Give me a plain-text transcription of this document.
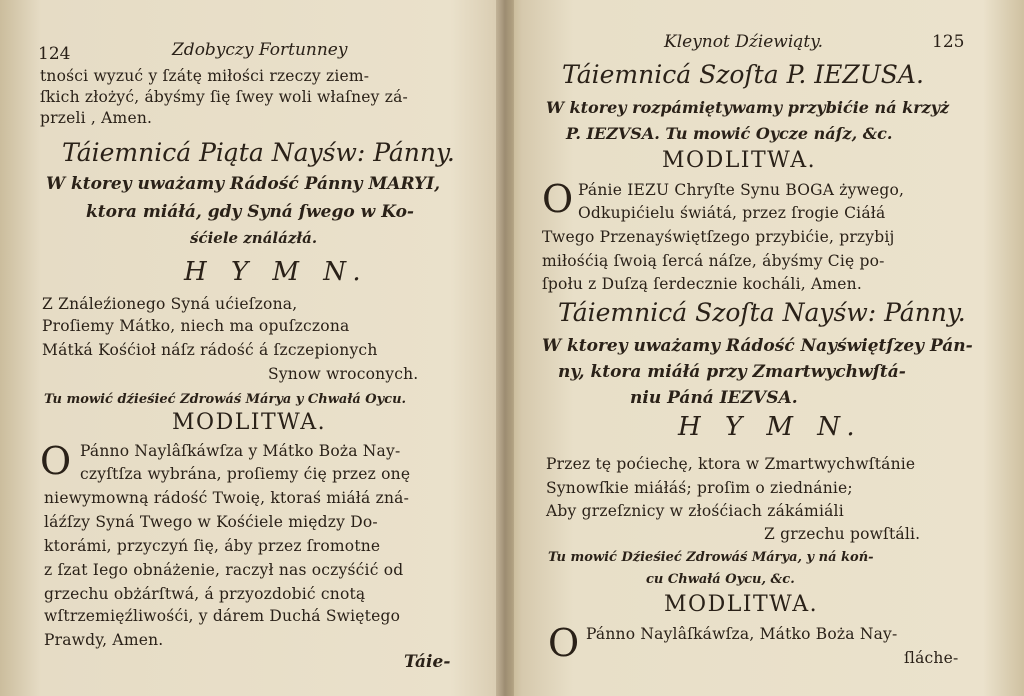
124	Zdobyczy Fortunney
tności wyzuć y ſzátę miłości rzeczy ziem-
ſkich złożyć, ábyśmy ſię ſwey woli właſney zá-
przeli , Amen.
Táiemnicá Piąta Nayśw: Pánny.
W ktorey uważamy Rádość Pánny MARYI,
ktora miáłá, gdy Syná ſwego w Ko-
śćiele ználázłá.
H Y M N.
Z Ználeźionego Syná ućieſzona,
Proſiemy Mátko, niech ma opuſzczona
Mátká Kośćioł náſz rádość á ſzczepionych
Synow wroconych.
Tu mowić dźieśieć Zdrowáś Márya y Chwałá Oycu.
MODLITWA.
O Pánno Naylâſkáwſza y Mátko Boża Nay-
czyſtſza wybrána, proſiemy ćię przez onę
niewymowną rádość Twoię, ktoraś miáłá zná-
láźſzy Syná Twego w Kośćiele między Do-
ktorámi, przyczyń ſię, áby przez ſromotne
z ſzat Iego obnáżenie, raczył nas oczyśćić od
grzechu obżárſtwá, á przyozdobić cnotą
wſtrzemięźliwośći, y dárem Duchá Swiętego
Prawdy, Amen.
Táie-
Kleynot Dźiewiąty.	125
Táiemnicá Szoſta P. IEZUSA.
W ktorey rozpámiętywamy przybićie ná krzyż
P. IEZVSA. Tu mowić Oycze náſz, &c.
MODLITWA.
O Pánie IEZU Chryſte Synu BOGA żywego,
Odkupićielu świátá, przez ſrogie Ciáłá
Twego Przenayświętſzego przybićie, przybij
miłośćią ſwoią ſercá náſze, ábyśmy Cię po-
ſpołu z Duſzą ſerdecznie kocháli, Amen.
Táiemnicá Szoſta Nayśw: Pánny.
W ktorey uważamy Rádość Nayświętſzey Pán-
ny, ktora miáłá przy Zmartwychwſtá-
niu Páná IEZVSA.
H Y M N.
Przez tę poćiechę, ktora w Zmartwychwſtánie
Synowſkie miáłáś; proſim o ziednánie;
Aby grzeſznicy w złośćiach zákámiáli
Z grzechu powſtáli.
Tu mowić Dźieśieć Zdrowáś Márya, y ná koń-
cu Chwałá Oycu, &c.
MODLITWA.
O Pánno Naylâſkáwſza, Mátko Boża Nay-
ſláche-
